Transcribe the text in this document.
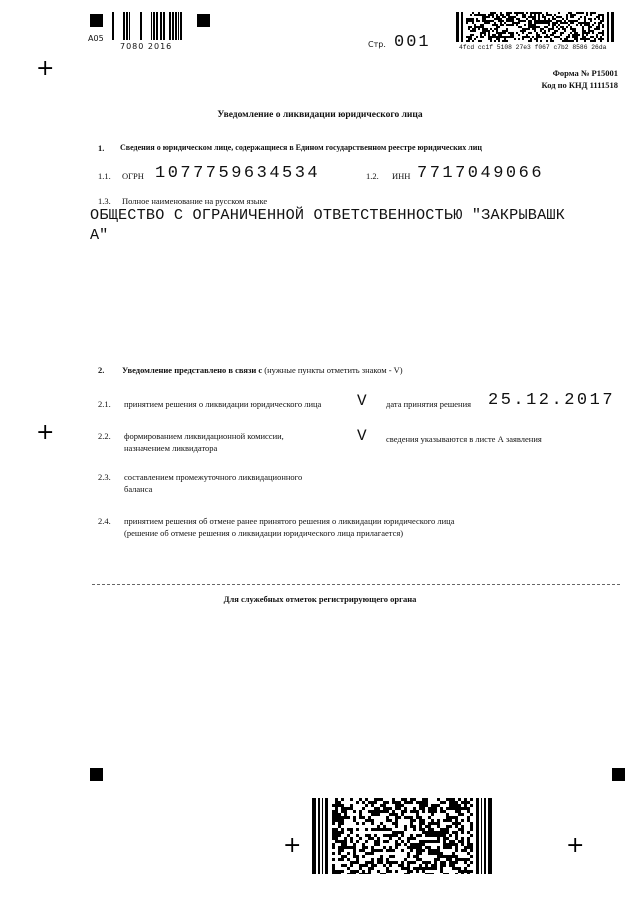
+
+
+	+
А05
7080 2016	Стр. 001	4fcd cc1f 5108 27e3 f067 c7b2 8586 26da
Форма № Р15001
Код по КНД 1111518
Уведомление о ликвидации юридического лица
1. Сведения о юридическом лице, содержащиеся в Едином государственном реестре юридических лиц
1.1. ОГРН 1077759634534	1.2. ИНН 7717049066
1.3. Полное наименование на русском языке
ОБЩЕСТВО С ОГРАНИЧЕННОЙ ОТВЕТСТВЕННОСТЬЮ "ЗАКРЫВАШК
А"
2. Уведомление представлено в связи с (нужные пункты отметить знаком - V)
2.1. принятием решения о ликвидации юридического лица V дата принятия решения 25.12.2017
2.2. формированием ликвидационной комиссии,
назначением ликвидатора
V сведения указываются в листе А заявления
2.3. составлением промежуточного ликвидационного
баланса
2.4. принятием решения об отмене ранее принятого решения о ликвидации юридического лица
(решение об отмене решения о ликвидации юридического лица прилагается)
Для служебных отметок регистрирующего органа
